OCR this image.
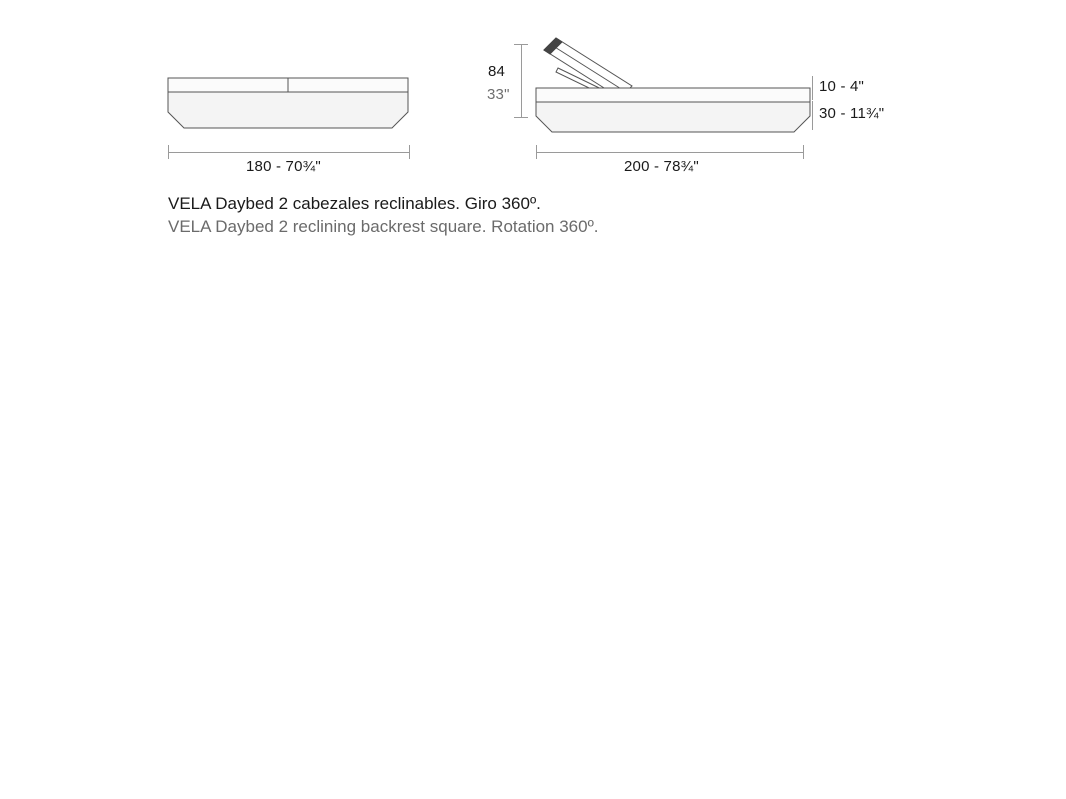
180 - 70¾"
84
33"	10 - 4"
30 - 11¾"
200 - 78¾"
VELA Daybed 2 cabezales reclinables. Giro 360º.
VELA Daybed 2 reclining backrest square. Rotation 360º.
